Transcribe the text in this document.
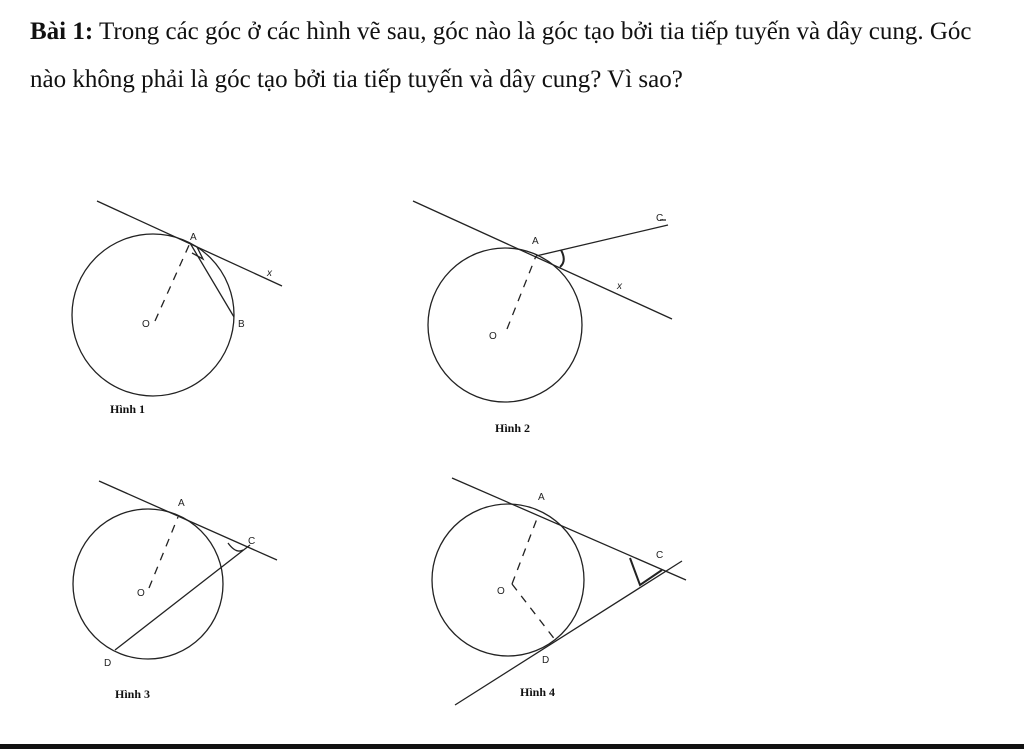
Bài 1: Trong các góc ở các hình vẽ sau, góc nào là góc tạo bởi tia tiếp tuyến và dây cung. Góc nào không phải là góc tạo bởi tia tiếp tuyến và dây cung? Vì sao?

A
O	B
x
Hình 1
A
O
C
x
Hình 2
A
O
C
D
Hình 3
A
O
C
D
Hình 4
